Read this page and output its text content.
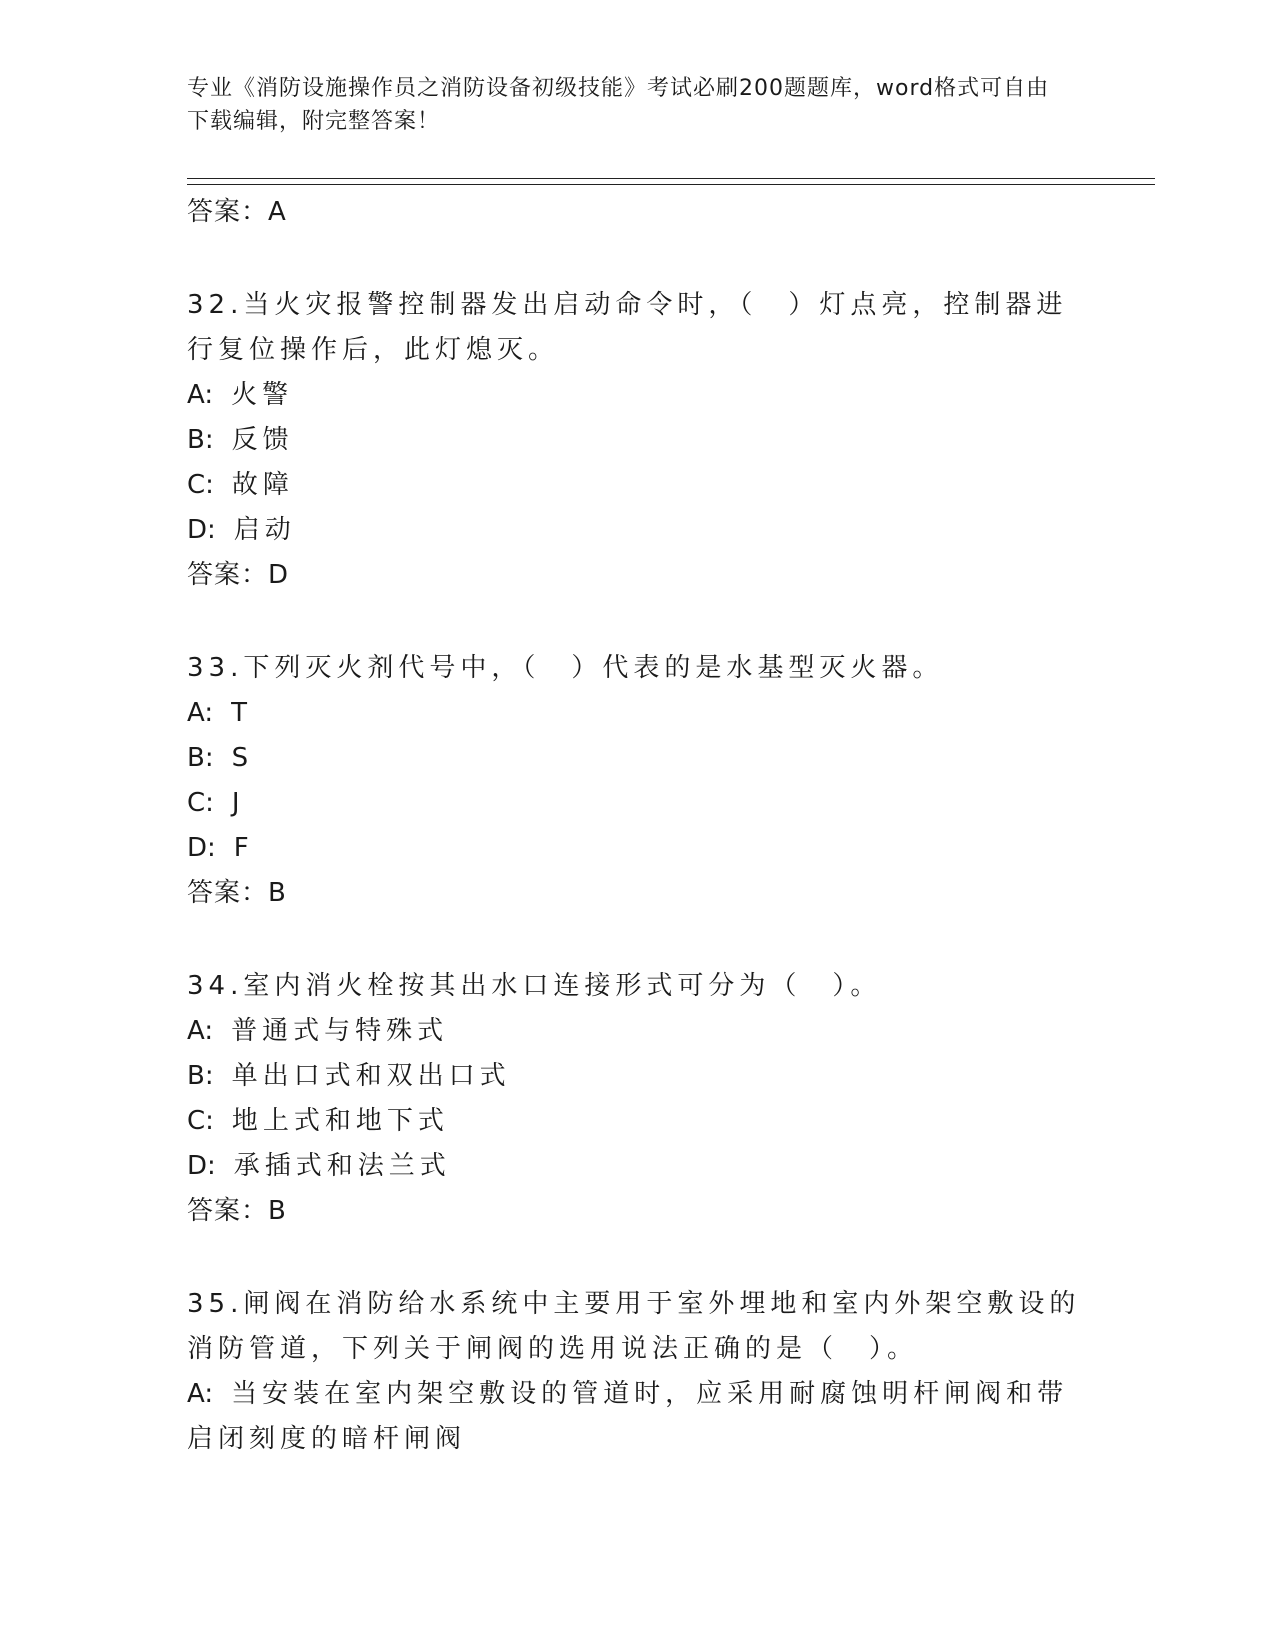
专业《消防设施操作员之消防设备初级技能》考试必刷200题题库，word格式可自由下载编辑，附完整答案！
答案：A
32.当火灾报警控制器发出启动命令时，（　）灯点亮，控制器进行复位操作后，此灯熄灭。
A: 火警
B: 反馈
C: 故障
D: 启动
答案：D
33.下列灭火剂代号中，（　）代表的是水基型灭火器。
A: T
B: S
C: J
D: F
答案：B
34.室内消火栓按其出水口连接形式可分为（　）。
A: 普通式与特殊式
B: 单出口式和双出口式
C: 地上式和地下式
D: 承插式和法兰式
答案：B
35.闸阀在消防给水系统中主要用于室外埋地和室内外架空敷设的消防管道，下列关于闸阀的选用说法正确的是（　）。
A: 当安装在室内架空敷设的管道时，应采用耐腐蚀明杆闸阀和带启闭刻度的暗杆闸阀
